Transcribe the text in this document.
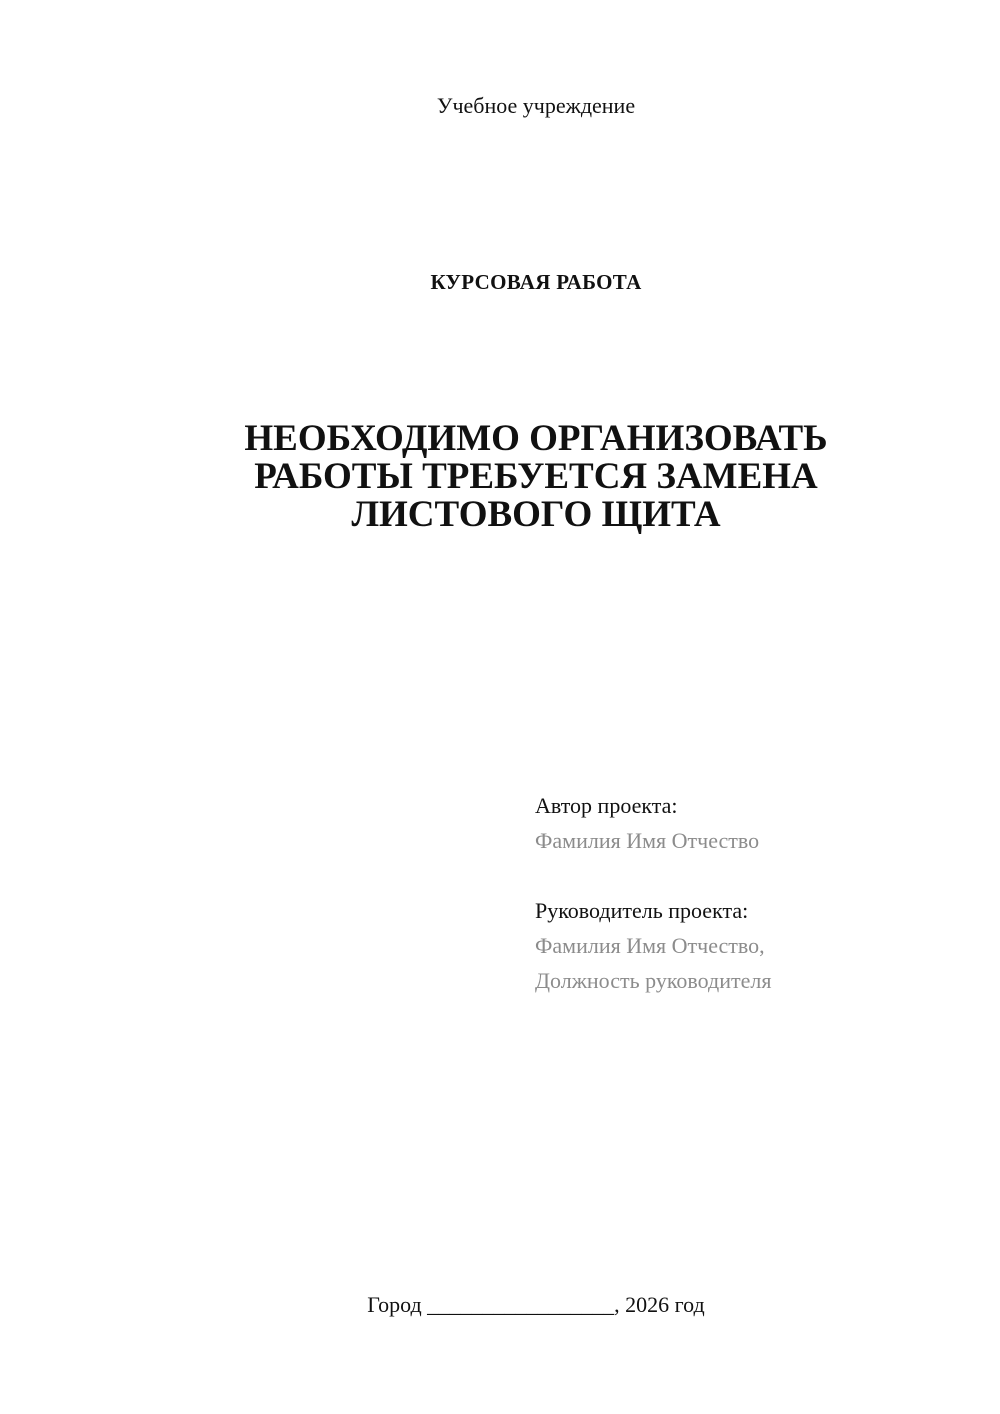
Учебное учреждение
КУРСОВАЯ РАБОТА
НЕОБХОДИМО ОРГАНИЗОВАТЬ
РАБОТЫ ТРЕБУЕТСЯ ЗАМЕНА
ЛИСТОВОГО ЩИТА
Автор проекта:
Фамилия Имя Отчество
Руководитель проекта:
Фамилия Имя Отчество,
Должность руководителя
Город _________________, 2026 год
